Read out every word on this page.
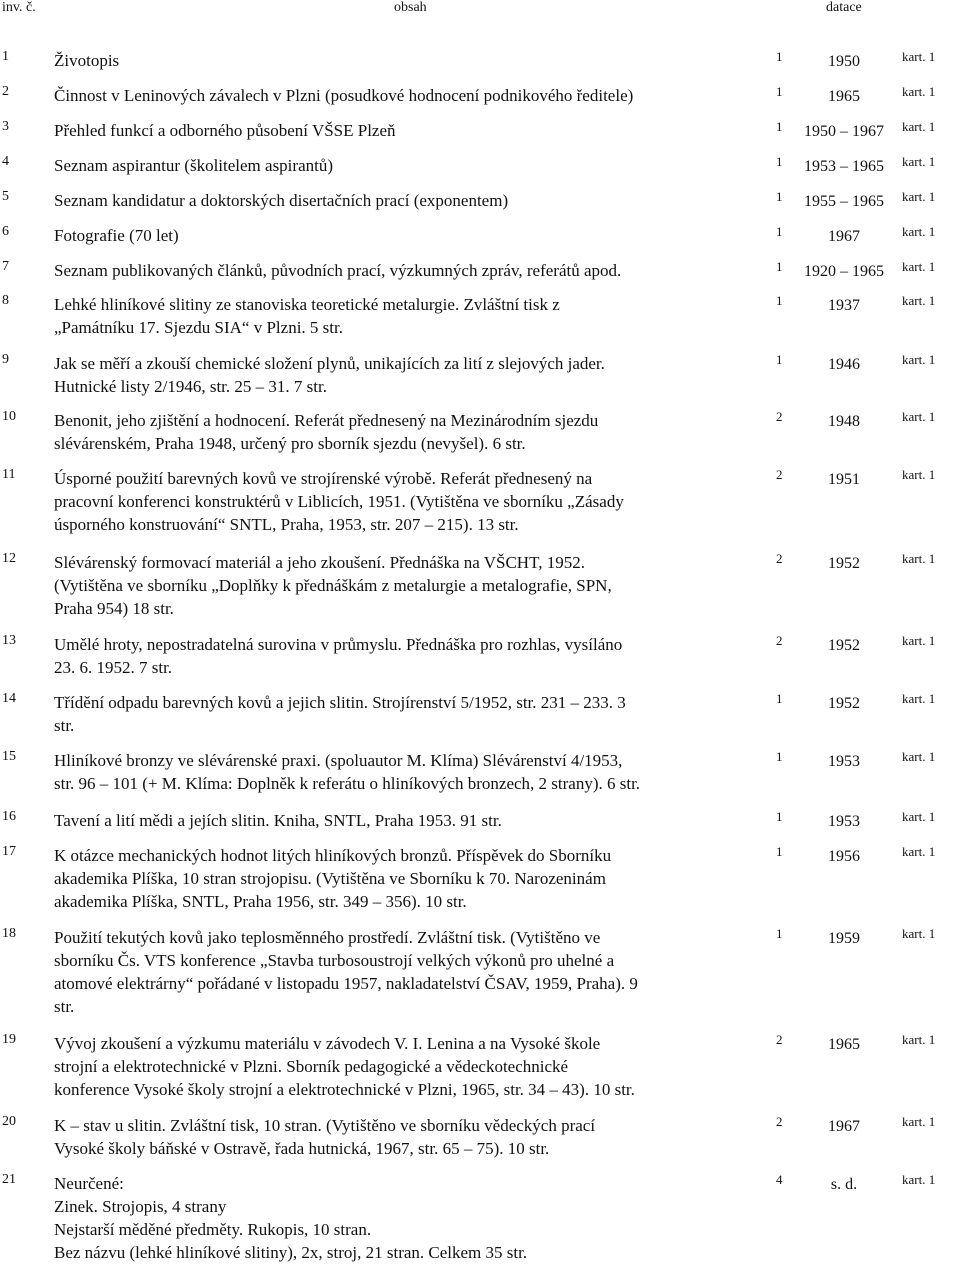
inv. č.	obsah	datace
1	Životopis	1	1950	kart. 1
2	Činnost v Leninových závalech v Plzni (posudkové hodnocení podnikového ředitele)	1	1965	kart. 1
3	Přehled funkcí a odborného působení VŠSE Plzeň	1	1950 – 1967	kart. 1
4	Seznam aspirantur (školitelem aspirantů)	1	1953 – 1965	kart. 1
5	Seznam kandidatur a doktorských disertačních prací (exponentem)	1	1955 – 1965	kart. 1
6	Fotografie (70 let)	1	1967	kart. 1
7	Seznam publikovaných článků, původních prací, výzkumných zpráv, referátů apod.	1	1920 – 1965	kart. 1
8	Lehké hliníkové slitiny ze stanoviska teoretické metalurgie. Zvláštní tisk z
„Památníku 17. Sjezdu SIA“ v Plzni. 5 str.
1	1937	kart. 1
9	Jak se měří a zkouší chemické složení plynů, unikajících za lití z slejových jader.
Hutnické listy 2/1946, str. 25 – 31. 7 str.
1	1946	kart. 1
10 Benonit, jeho zjištění a hodnocení. Referát přednesený na Mezinárodním sjezdu
slévárenském, Praha 1948, určený pro sborník sjezdu (nevyšel). 6 str.
2	1948	kart. 1
11 Úsporné použití barevných kovů ve strojírenské výrobě. Referát přednesený na
pracovní konferenci konstruktérů v Liblicích, 1951. (Vytištěna ve sborníku „Zásady
úsporného konstruování“ SNTL, Praha, 1953, str. 207 – 215). 13 str.
2	1951	kart. 1
12 Slévárenský formovací materiál a jeho zkoušení. Přednáška na VŠCHT, 1952.
(Vytištěna ve sborníku „Doplňky k přednáškám z metalurgie a metalografie, SPN,
Praha 954) 18 str.
2	1952	kart. 1
13 Umělé hroty, nepostradatelná surovina v průmyslu. Přednáška pro rozhlas, vysíláno
23. 6. 1952. 7 str.
2	1952	kart. 1
14 Třídění odpadu barevných kovů a jejich slitin. Strojírenství 5/1952, str. 231 – 233. 3
str.
1	1952	kart. 1
15 Hliníkové bronzy ve slévárenské praxi. (spoluautor M. Klíma) Slévárenství 4/1953,
str. 96 – 101 (+ M. Klíma: Doplněk k referátu o hliníkových bronzech, 2 strany). 6 str.
1	1953	kart. 1
16 Tavení a lití mědi a jejích slitin. Kniha, SNTL, Praha 1953. 91 str.	1	1953	kart. 1
17 K otázce mechanických hodnot litých hliníkových bronzů. Příspěvek do Sborníku
akademika Plíška, 10 stran strojopisu. (Vytištěna ve Sborníku k 70. Narozeninám
akademika Plíška, SNTL, Praha 1956, str. 349 – 356). 10 str.
1	1956	kart. 1
18 Použití tekutých kovů jako teplosměnného prostředí. Zvláštní tisk. (Vytištěno ve
sborníku Čs. VTS konference „Stavba turbosoustrojí velkých výkonů pro uhelné a
atomové elektrárny“ pořádané v listopadu 1957, nakladatelství ČSAV, 1959, Praha). 9
str.
1	1959	kart. 1
19 Vývoj zkoušení a výzkumu materiálu v závodech V. I. Lenina a na Vysoké škole
strojní a elektrotechnické v Plzni. Sborník pedagogické a vědeckotechnické
konference Vysoké školy strojní a elektrotechnické v Plzni, 1965, str. 34 – 43). 10 str.
2	1965	kart. 1
20 K – stav u slitin. Zvláštní tisk, 10 stran. (Vytištěno ve sborníku vědeckých prací
Vysoké školy báňské v Ostravě, řada hutnická, 1967, str. 65 – 75). 10 str.
2	1967	kart. 1
21 Neurčené:
Zinek. Strojopis, 4 strany
Nejstarší měděné předměty. Rukopis, 10 stran.
Bez názvu (lehké hliníkové slitiny), 2x, stroj, 21 stran. Celkem 35 str.
4	s. d.	kart. 1
